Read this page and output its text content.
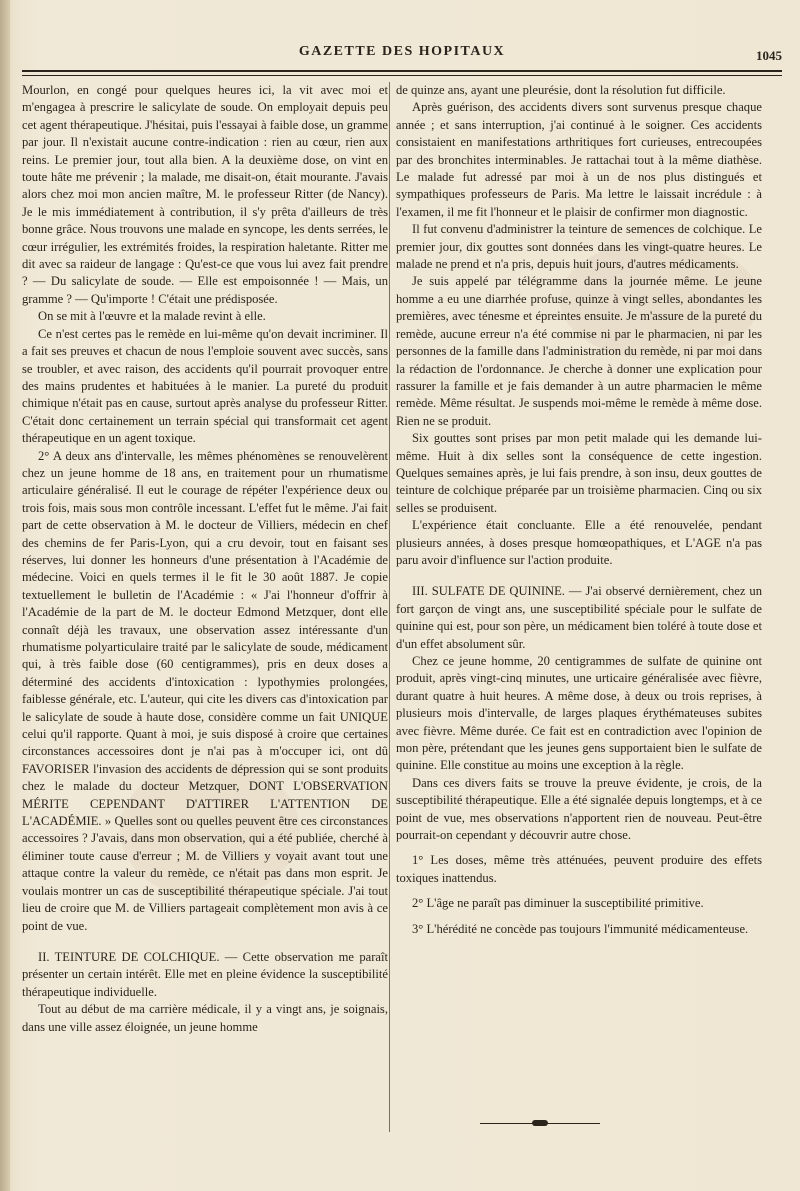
GAZETTE DES HOPITAUX	1045

Mourlon, en congé pour quelques heures ici, la vit avec moi et m'engagea à prescrire le salicylate de soude. On employait depuis peu cet agent thérapeutique. J'hésitai, puis l'essayai à faible dose, un gramme par jour. Il n'existait aucune contre-indication : rien au cœur, rien aux reins. Le premier jour, tout alla bien. A la deuxième dose, on vint en toute hâte me prévenir ; la malade, me disait-on, était mourante. J'avais alors chez moi mon ancien maître, M. le professeur Ritter (de Nancy). Je le mis immédiatement à contribution, il s'y prêta d'ailleurs de très bonne grâce. Nous trouvons une malade en syncope, les dents serrées, le cœur irrégulier, les extrémités froides, la respiration haletante. Ritter me dit avec sa raideur de langage : Qu'est-ce que vous lui avez fait prendre ? — Du salicylate de soude. — Elle est empoisonnée ! — Mais, un gramme ? — Qu'importe ! C'était une prédisposée.

On se mit à l'œuvre et la malade revint à elle.

Ce n'est certes pas le remède en lui-même qu'on devait incriminer. Il a fait ses preuves et chacun de nous l'emploie souvent avec succès, sans se troubler, et avec raison, des accidents qu'il pourrait provoquer entre des mains prudentes et habituées à le manier. La pureté du produit chimique n'était pas en cause, surtout après analyse du professeur Ritter. C'était donc certainement un terrain spécial qui transformait cet agent thérapeutique en un agent toxique.

2° A deux ans d'intervalle, les mêmes phénomènes se renouvelèrent chez un jeune homme de 18 ans, en traitement pour un rhumatisme articulaire généralisé. Il eut le courage de répéter l'expérience deux ou trois fois, mais sous mon contrôle incessant. L'effet fut le même. J'ai fait part de cette observation à M. le docteur de Villiers, médecin en chef des chemins de fer Paris-Lyon, qui a cru devoir, tout en faisant ses réserves, lui donner les honneurs d'une présentation à l'Académie de médecine. Voici en quels termes il le fit le 30 août 1887. Je copie textuellement le bulletin de l'Académie : « J'ai l'honneur d'offrir à l'Académie de la part de M. le docteur Edmond Metzquer, dont elle connaît déjà les travaux, une observation assez intéressante d'un rhumatisme polyarticulaire traité par le salicylate de soude, médicament qui, à très faible dose (60 centigrammes), pris en deux doses a déterminé des accidents d'intoxication : lypothymies prolongées, faiblesse générale, etc. L'auteur, qui cite les divers cas d'intoxication par le salicylate de soude à haute dose, considère comme un fait UNIQUE celui qu'il rapporte. Quant à moi, je suis disposé à croire que certaines circonstances accessoires dont je n'ai pas à m'occuper ici, ont dû FAVORISER l'invasion des accidents de dépression qui se sont produits chez le malade du docteur Metzquer, DONT L'OBSERVATION MÉRITE CEPENDANT D'ATTIRER L'ATTENTION DE L'ACADÉMIE. » Quelles sont ou quelles peuvent être ces circonstances accessoires ? J'avais, dans mon observation, qui a été publiée, cherché à éliminer toute cause d'erreur ; M. de Villiers y voyait avant tout une attaque contre la valeur du remède, ce n'était pas dans mon esprit. Je voulais montrer un cas de susceptibilité thérapeutique spéciale. J'ai tout lieu de croire que M. de Villiers partageait complètement mon avis à ce point de vue.

II. TEINTURE DE COLCHIQUE. — Cette observation me paraît présenter un certain intérêt. Elle met en pleine évidence la susceptibilité thérapeutique individuelle.

Tout au début de ma carrière médicale, il y a vingt ans, je soignais, dans une ville assez éloignée, un jeune homme

de quinze ans, ayant une pleurésie, dont la résolution fut difficile.

Après guérison, des accidents divers sont survenus presque chaque année ; et sans interruption, j'ai continué à le soigner. Ces accidents consistaient en manifestations arthritiques fort curieuses, entrecoupées par des bronchites interminables. Je rattachai tout à la même diathèse. Le malade fut adressé par moi à un de nos plus distingués et sympathiques professeurs de Paris. Ma lettre le laissait incrédule : à l'examen, il me fit l'honneur et le plaisir de confirmer mon diagnostic.

Il fut convenu d'administrer la teinture de semences de colchique. Le premier jour, dix gouttes sont données dans les vingt-quatre heures. Le malade ne prend et n'a pris, depuis huit jours, d'autres médicaments.

Je suis appelé par télégramme dans la journée même. Le jeune homme a eu une diarrhée profuse, quinze à vingt selles, abondantes les premières, avec ténesme et épreintes ensuite. Je m'assure de la pureté du remède, aucune erreur n'a été commise ni par le pharmacien, ni par les personnes de la famille dans l'administration du remède, ni par moi dans la rédaction de l'ordonnance. Je cherche à donner une explication pour rassurer la famille et je fais demander à un autre pharmacien le même remède. Même résultat. Je suspends moi-même le remède à même dose. Rien ne se produit.

Six gouttes sont prises par mon petit malade qui les demande lui-même. Huit à dix selles sont la conséquence de cette ingestion. Quelques semaines après, je lui fais prendre, à son insu, deux gouttes de teinture de colchique préparée par un troisième pharmacien. Cinq ou six selles se produisent.

L'expérience était concluante. Elle a été renouvelée, pendant plusieurs années, à doses presque homœopathiques, et L'AGE n'a pas paru avoir d'influence sur l'action produite.

III. SULFATE DE QUININE. — J'ai observé dernièrement, chez un fort garçon de vingt ans, une susceptibilité spéciale pour le sulfate de quinine qui est, pour son père, un médicament bien toléré à toute dose et d'un effet absolument sûr.

Chez ce jeune homme, 20 centigrammes de sulfate de quinine ont produit, après vingt-cinq minutes, une urticaire généralisée avec fièvre, durant quatre à huit heures. A même dose, à deux ou trois reprises, à plusieurs mois d'intervalle, de larges plaques érythémateuses subites avec fièvre. Même durée. Ce fait est en contradiction avec l'opinion de mon père, prétendant que les jeunes gens supportaient bien le sulfate de quinine. Elle constitue au moins une exception à la règle.

Dans ces divers faits se trouve la preuve évidente, je crois, de la susceptibilité thérapeutique. Elle a été signalée depuis longtemps, et à ce point de vue, mes observations n'apportent rien de nouveau. Peut-être pourrait-on cependant y découvrir autre chose.

1° Les doses, même très atténuées, peuvent produire des effets toxiques inattendus.

2° L'âge ne paraît pas diminuer la susceptibilité primitive.

3° L'hérédité ne concède pas toujours l'immunité médicamenteuse.
